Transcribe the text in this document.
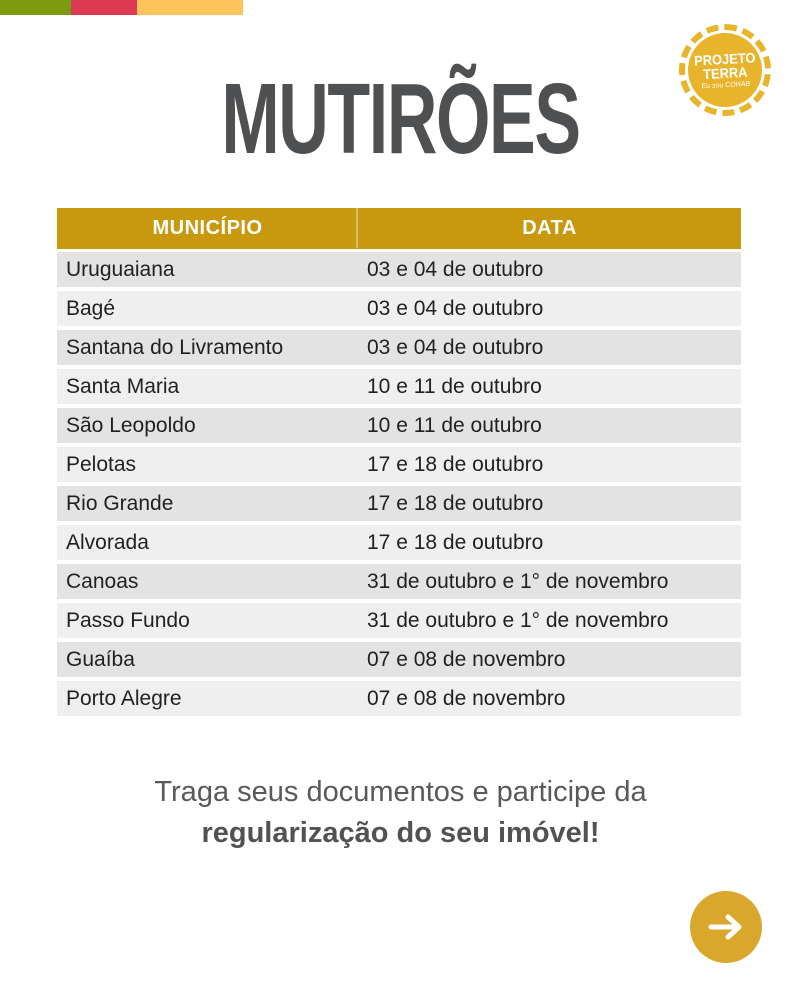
PROJETO
TERRA
Eu sou COHAB
MUTIRÕES
MUNICÍPIO	DATA
Uruguaiana	03 e 04 de outubro
Bagé	03 e 04 de outubro
Santana do Livramento	03 e 04 de outubro
Santa Maria	10 e 11 de outubro
São Leopoldo	10 e 11 de outubro
Pelotas	17 e 18 de outubro
Rio Grande	17 e 18 de outubro
Alvorada	17 e 18 de outubro
Canoas	31 de outubro e 1° de novembro
Passo Fundo	31 de outubro e 1° de novembro
Guaíba	07 e 08 de novembro
Porto Alegre	07 e 08 de novembro
Traga seus documentos e participe da
regularização do seu imóvel!
